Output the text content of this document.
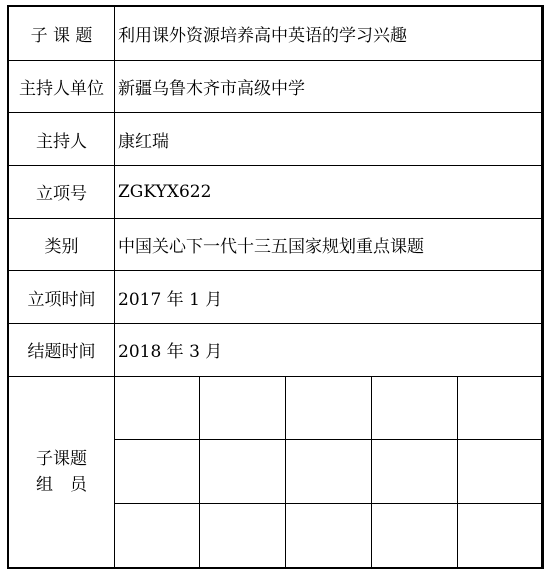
子 课 题	利用课外资源培养高中英语的学习兴趣				
主持人单位	新疆乌鲁木齐市高级中学				
主持人	康红瑞				
立项号	ZGKYX622				
类别	中国关心下一代十三五国家规划重点课题				
立项时间	2017 年 1 月				
结题时间	2018 年 3 月				

子课题
组　员					
